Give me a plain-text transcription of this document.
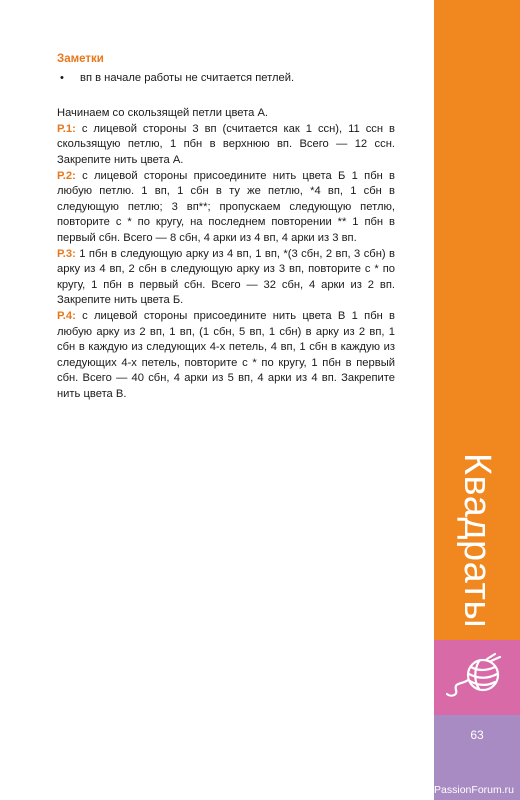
Заметки
•	вп в начале работы не считается петлей.

Начинаем со скользящей петли цвета А.

Р.1: с лицевой стороны 3 вп (считается как 1 ссн), 11 ссн в скользящую петлю, 1 пбн в верхнюю вп. Всего — 12 ссн. Закрепите нить цвета А.

Р.2: с лицевой стороны присоедините нить цвета Б 1 пбн в любую петлю. 1 вп, 1 сбн в ту же петлю, *4 вп, 1 сбн в следующую петлю; 3 вп**; пропускаем следующую петлю, повторите с * по кругу, на последнем повторении ** 1 пбн в первый сбн. Всего — 8 сбн, 4 арки из 4 вп, 4 арки из 3 вп.

Р.3: 1 пбн в следующую арку из 4 вп, 1 вп, *(3 сбн, 2 вп, 3 сбн) в арку из 4 вп, 2 сбн в следующую арку из 3 вп, повторите с * по кругу, 1 пбн в первый сбн. Всего — 32 сбн, 4 арки из 2 вп. Закрепите нить цвета Б.

Р.4: с лицевой стороны присоедините нить цвета В 1 пбн в любую арку из 2 вп, 1 вп, (1 сбн, 5 вп, 1 сбн) в арку из 2 вп, 1 сбн в каждую из следующих 4-х петель, 4 вп, 1 сбн в каждую из следующих 4-х петель, повторите с * по кругу, 1 пбн в первый сбн. Всего — 40 сбн, 4 арки из 5 вп, 4 арки из 4 вп. Закрепите нить цвета В.

Квадраты
63
PassionForum.ru
